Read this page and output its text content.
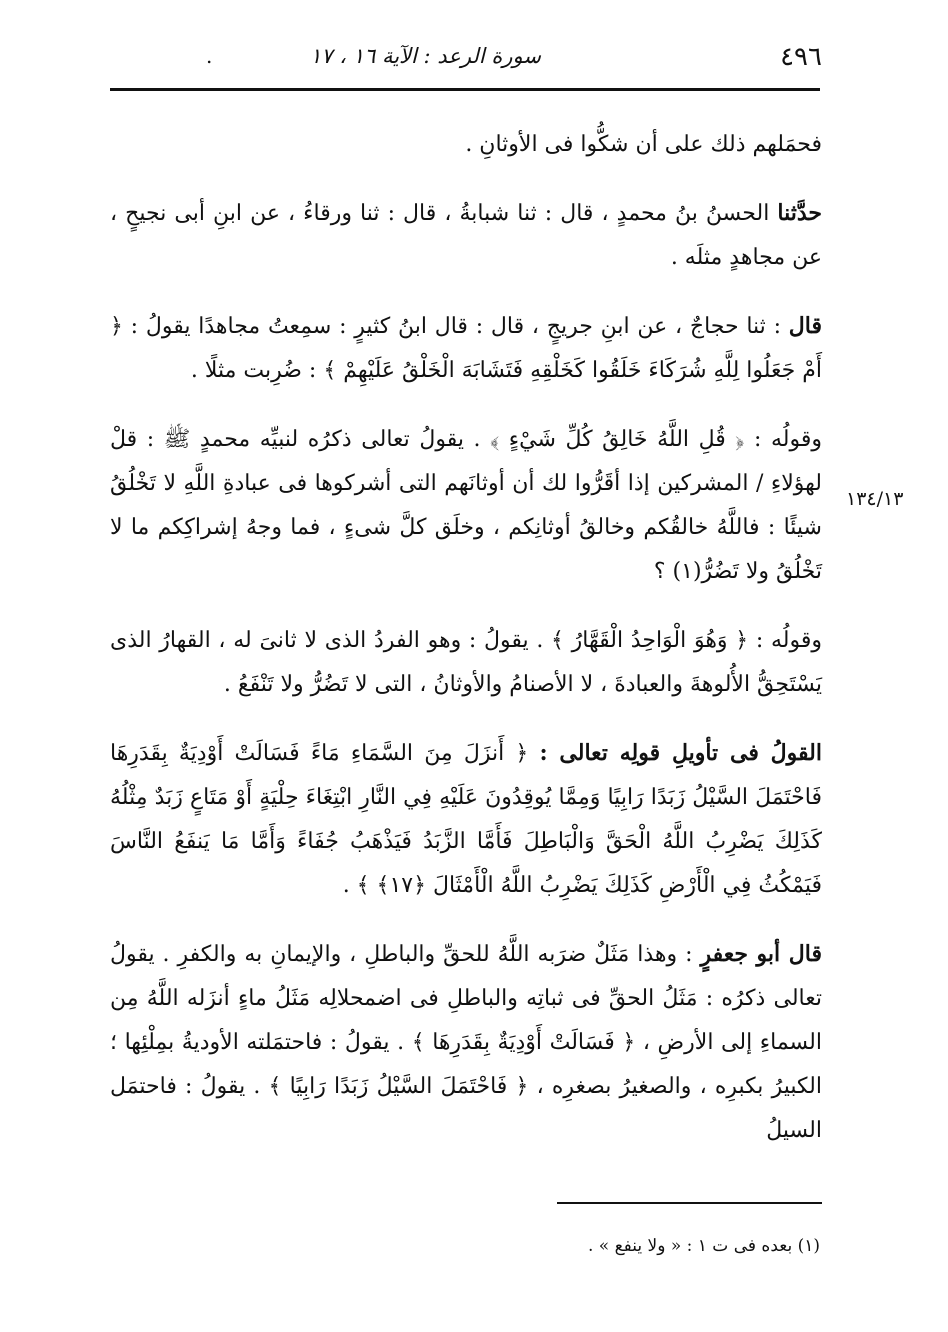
٤٩٦
.	سورة الرعد : الآية ١٦ ، ١٧
١٣٤/١٣

فحمَلهم ذلك على أن شكُّوا فى الأوثانِ .

حدَّثنا الحسنُ بنُ محمدٍ ، قال : ثنا شبابةُ ، قال : ثنا ورقاءُ ، عن ابنِ أبى نجيحٍ ، عن مجاهدٍ مثلَه .

قال : ثنا حجاجٌ ، عن ابنِ جريجٍ ، قال : قال ابنُ كثيرٍ : سمِعتُ مجاهدًا يقولُ : ﴿ أَمْ جَعَلُوا لِلَّهِ شُرَكَاءَ خَلَقُوا كَخَلْقِهِ فَتَشَابَهَ الْخَلْقُ عَلَيْهِمْ ﴾ : ضُرِبت مثلًا .

وقولُه : ﴿ قُلِ اللَّهُ خَالِقُ كُلِّ شَيْءٍ ﴾ . يقولُ تعالى ذكرُه لنبيِّه محمدٍ ﷺ : قلْ لهؤلاءِ / المشركين إذا أقَرُّوا لك أن أوثانَهم التى أشركوها فى عبادةِ اللَّهِ لا تَخْلُقُ شيئًا : فاللَّهُ خالقُكم وخالقُ أوثانِكم ، وخلَق كلَّ شىءٍ ، فما وجهُ إشراكِكم ما لا تَخْلُقُ ولا تَضُرُّ(١) ؟

وقولُه : ﴿ وَهُوَ الْوَاحِدُ الْقَهَّارُ ﴾ . يقولُ : وهو الفردُ الذى لا ثانىَ له ، القهارُ الذى يَسْتَحِقُّ الأُلوهةَ والعبادةَ ، لا الأصنامُ والأوثانُ ، التى لا تَضُرُّ ولا تَنْفَعُ .

القولُ فى تأويلِ قولِه تعالى : ﴿ أَنزَلَ مِنَ السَّمَاءِ مَاءً فَسَالَتْ أَوْدِيَةٌ بِقَدَرِهَا فَاحْتَمَلَ السَّيْلُ زَبَدًا رَابِيًا وَمِمَّا يُوقِدُونَ عَلَيْهِ فِي النَّارِ ابْتِغَاءَ حِلْيَةٍ أَوْ مَتَاعٍ زَبَدٌ مِثْلُهُ كَذَلِكَ يَضْرِبُ اللَّهُ الْحَقَّ وَالْبَاطِلَ فَأَمَّا الزَّبَدُ فَيَذْهَبُ جُفَاءً وَأَمَّا مَا يَنفَعُ النَّاسَ فَيَمْكُثُ فِي الْأَرْضِ كَذَلِكَ يَضْرِبُ اللَّهُ الْأَمْثَالَ ﴿١٧﴾ ﴾ .

قال أبو جعفرٍ : وهذا مَثَلٌ ضرَبه اللَّهُ للحقِّ والباطلِ ، والإيمانِ به والكفرِ . يقولُ تعالى ذكرُه : مَثَلُ الحقِّ فى ثباتِه والباطلِ فى اضمحلالِه مَثَلُ ماءٍ أنزَله اللَّهُ مِن السماءِ إلى الأرضِ ، ﴿ فَسَالَتْ أَوْدِيَةٌ بِقَدَرِهَا ﴾ . يقولُ : فاحتمَلته الأوديةُ بمِلْئِها ؛ الكبيرُ بكبرِه ، والصغيرُ بصغرِه ، ﴿ فَاحْتَمَلَ السَّيْلُ زَبَدًا رَابِيًا ﴾ . يقولُ : فاحتمَل السيلُ

(١) بعده فى ت ١ : « ولا ينفع » .
